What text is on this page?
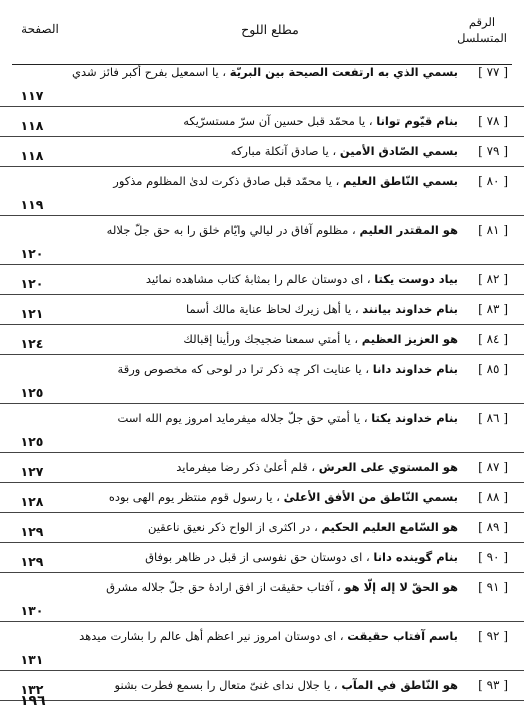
الرقم
المتسلسل
مطلع اللوح
الصفحة
[ ٧٧ ]
بسمي الذي به ارتفعت الصيحة بين البريّة ، يا اسمعيل بفرح أكبر فائز شدي
١١٧
[ ٧٨ ]
بنام قيّوم توانا ، يا محمّد قبل حسين آن سرّ مستسرّيكه
١١٨
[ ٧٩ ]
بسمي الصّادق الأمين ، يا صادق آنكلة مباركه
١١٨
[ ٨٠ ]
بسمي النّاطق العليم ، يا محمّد قبل صادق ذكرت لدىٰ المظلوم مذكور
١١٩
[ ٨١ ]
هو المقتدر العليم ، مظلوم آفاق در ليالي وايّام خلق را به حق جلّ جلاله
١٢٠
[ ٨٢ ]
بياد دوست يكتا ، اى دوستان عالم را بمثابهٔ كتاب مشاهده نمائيد
١٢٠
[ ٨٣ ]
بنام خداوند بيانند ، يا أهل زيرك لحاظ عناية مالك أسما
١٢١
[ ٨٤ ]
هو العزيز العظيم ، يا أمتي سمعنا ضجيجك ورأينا إقبالك
١٢٤
[ ٨٥ ]
بنام خداوند دانا ، يا عنايت اكر چه ذكر ترا در لوحى كه مخصوص ورقة
١٢٥
[ ٨٦ ]
بنام خداوند يكتا ، يا أمتي حق جلّ جلاله ميفرمايد امروز يوم الله است
١٢٥
[ ٨٧ ]
هو المستوي على العرش ، قلم أعلىٰ ذكر رضا ميفرمايد
١٢٧
[ ٨٨ ]
بسمي النّاطق من الأفق الأعلىٰ ، يا رسول قوم منتظر يوم الهى بوده
١٢٨
[ ٨٩ ]
هو السّامع العليم الحكيم ، در اكثرى از الواح ذكر نعيق ناعقين
١٢٩
[ ٩٠ ]
بنام گوينده دانا ، اى دوستان حق نفوسى از قبل در ظاهر بوفاق
١٢٩
[ ٩١ ]
هو الحقّ لا إله إلّا هو ، آفتاب حقيقت از افق ارادهٔ حق جلّ جلاله مشرق
١٣٠
[ ٩٢ ]
باسم آفتاب حقيقت ، اى دوستان امروز نير اعظم أهل عالم را بشارت ميدهد
١٣١
[ ٩٣ ]
هو النّاطق في المآب ، يا جلال نداى غنىّ متعال را بسمع فطرت بشنو
١٣٢
١٩٦
